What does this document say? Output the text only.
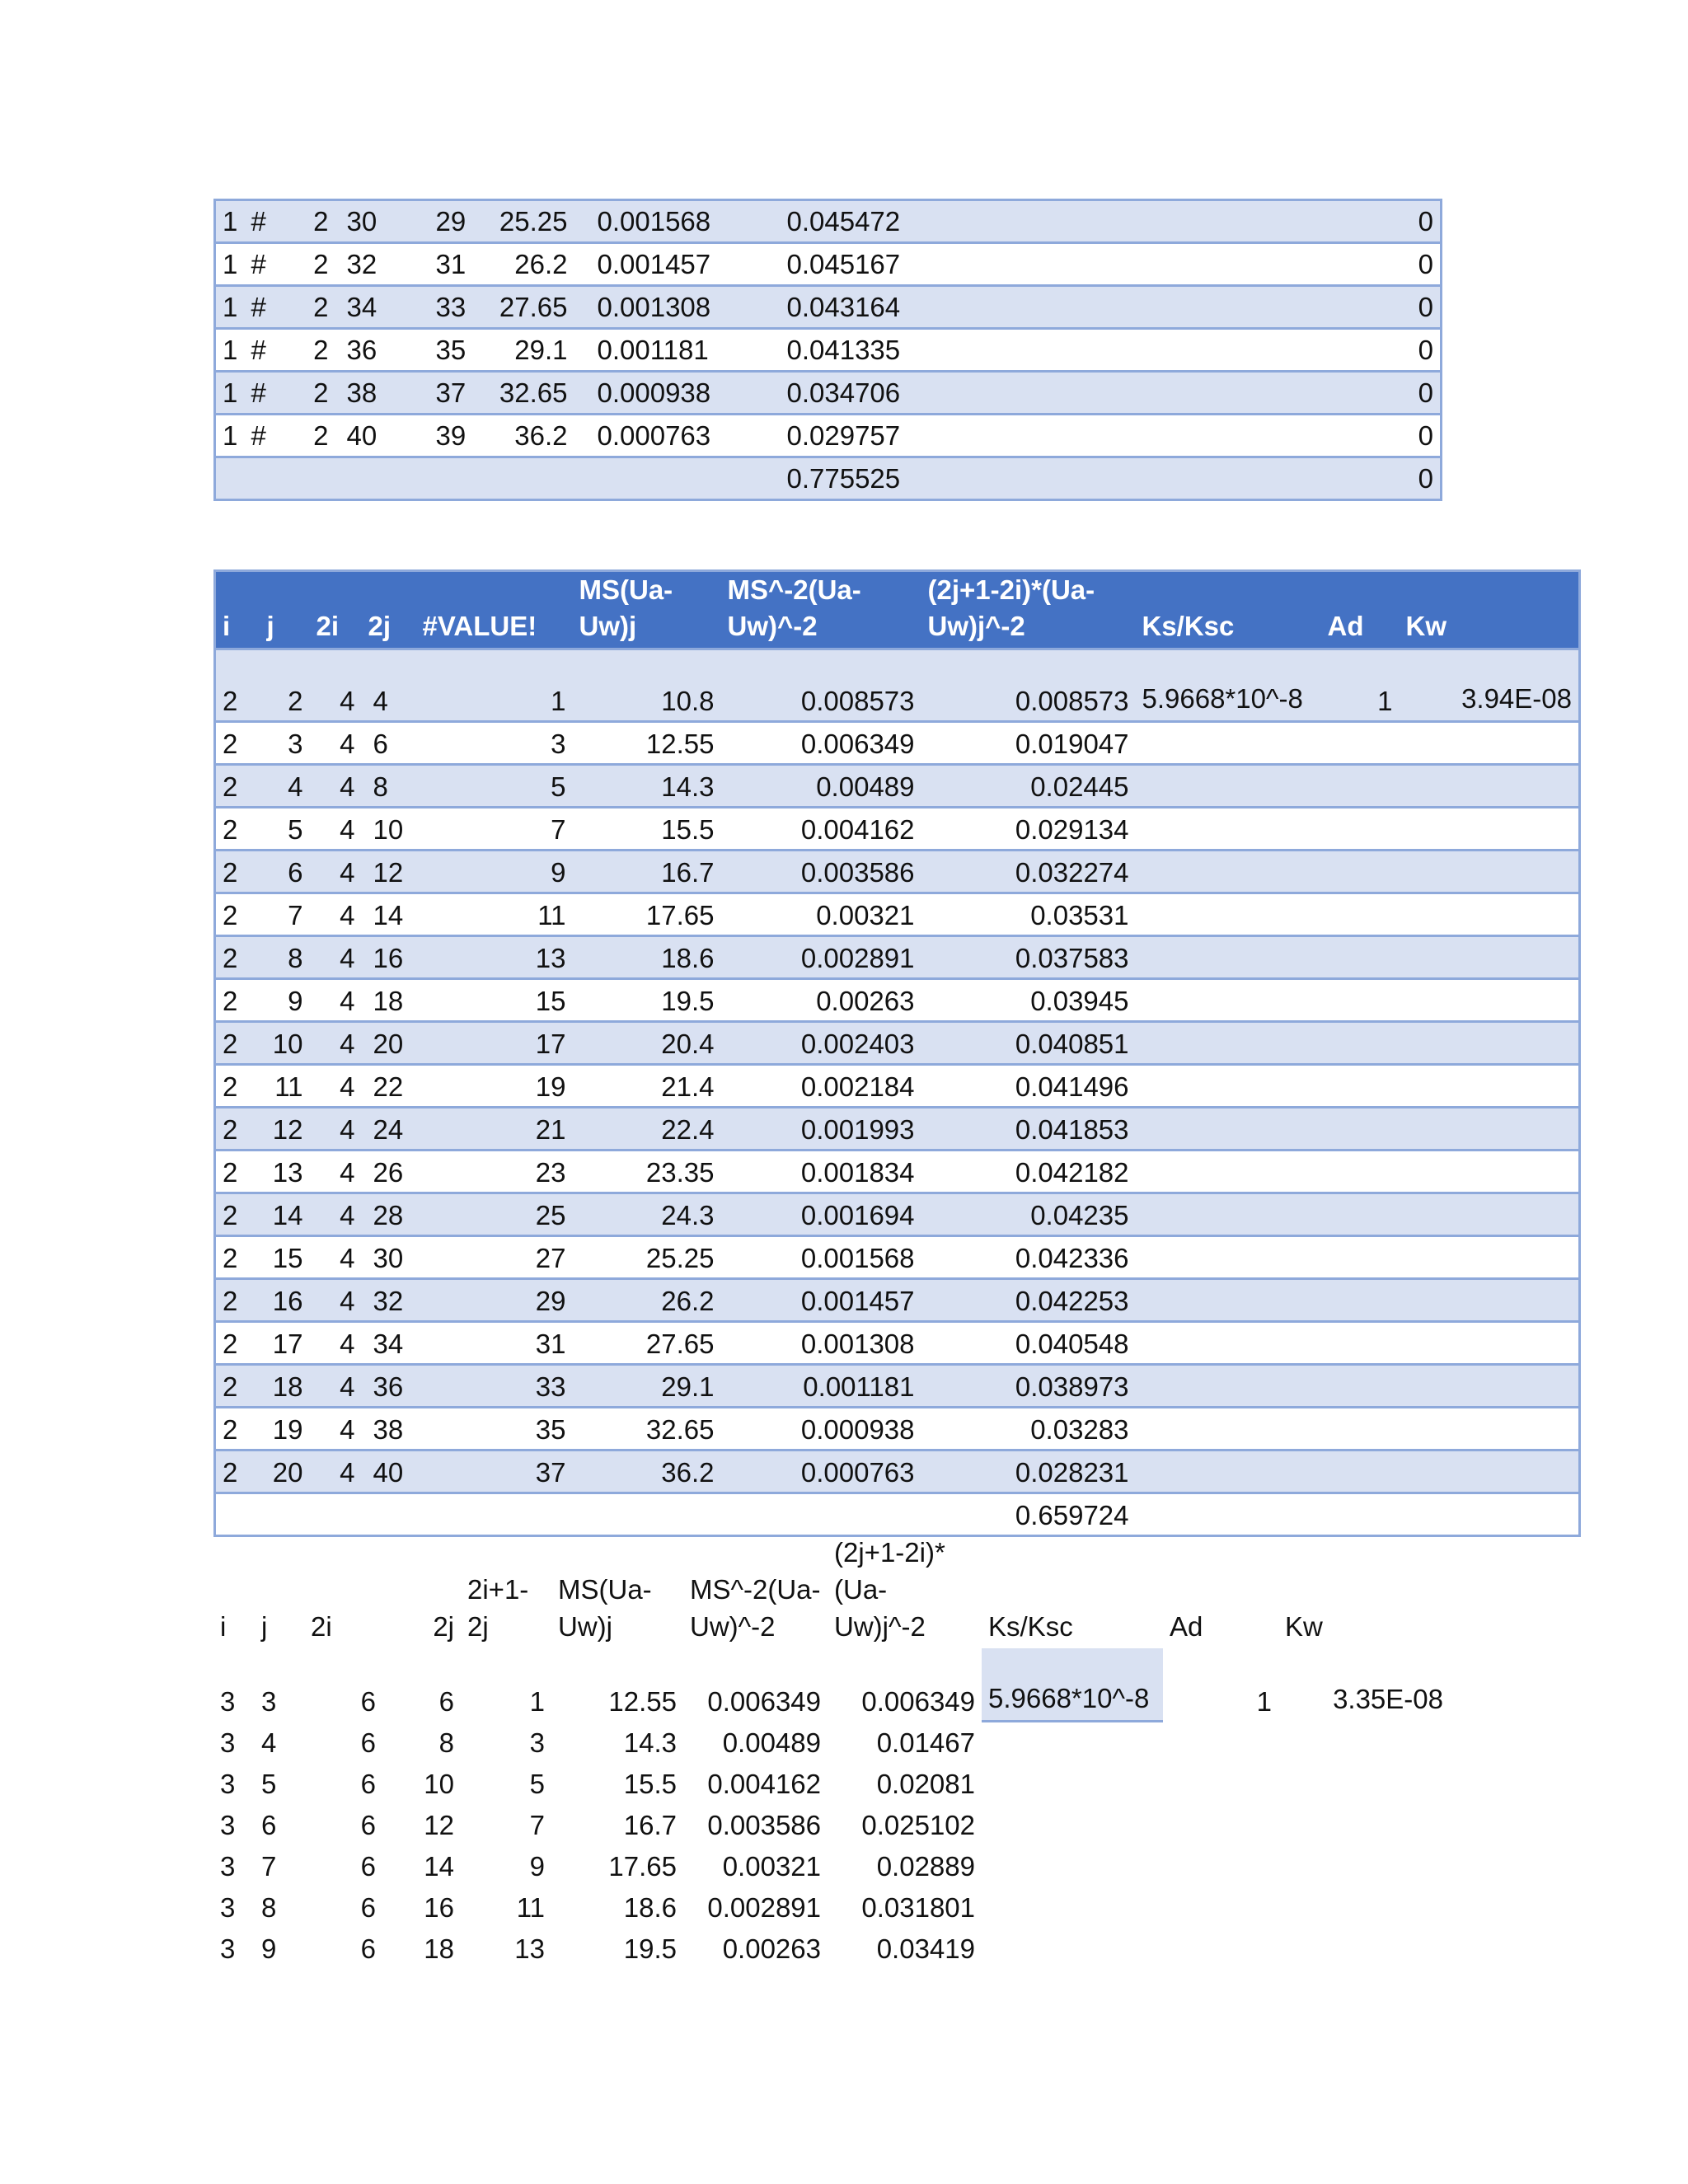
1	#	2	30	29	25.25	0.001568	0.045472	0
1	#	2	32	31	26.2	0.001457	0.045167	0
1	#	2	34	33	27.65	0.001308	0.043164	0
1	#	2	36	35	29.1	0.001181	0.041335	0
1	#	2	38	37	32.65	0.000938	0.034706	0
1	#	2	40	39	36.2	0.000763	0.029757	0
							0.775525	0
i	j	2i	2j	#VALUE!	MS(Ua-Uw)j	MS^-2(Ua-Uw)^-2	(2j+1-2i)*(Ua-Uw)j^-2	Ks/Ksc	Ad	Kw
2	2	4	4	1	10.8	0.008573	0.008573	5.9668*10^-8	1	3.94E-08
2	3	4	6	3	12.55	0.006349	0.019047			
2	4	4	8	5	14.3	0.00489	0.02445			
2	5	4	10	7	15.5	0.004162	0.029134			
2	6	4	12	9	16.7	0.003586	0.032274			
2	7	4	14	11	17.65	0.00321	0.03531			
2	8	4	16	13	18.6	0.002891	0.037583			
2	9	4	18	15	19.5	0.00263	0.03945			
2	10	4	20	17	20.4	0.002403	0.040851			
2	11	4	22	19	21.4	0.002184	0.041496			
2	12	4	24	21	22.4	0.001993	0.041853			
2	13	4	26	23	23.35	0.001834	0.042182			
2	14	4	28	25	24.3	0.001694	0.04235			
2	15	4	30	27	25.25	0.001568	0.042336			
2	16	4	32	29	26.2	0.001457	0.042253			
2	17	4	34	31	27.65	0.001308	0.040548			
2	18	4	36	33	29.1	0.001181	0.038973			
2	19	4	38	35	32.65	0.000938	0.03283			
2	20	4	40	37	36.2	0.000763	0.028231			
							0.659724			
i	j	2i	2j	2i+1-2j	MS(Ua-Uw)j	MS^-2(Ua-Uw)^-2	(2j+1-2i)*(Ua-Uw)j^-2	Ks/Ksc	Ad	Kw
3	3	6	6	1	12.55	0.006349	0.006349	5.9668*10^-8	1	3.35E-08
3	4	6	8	3	14.3	0.00489	0.01467			
3	5	6	10	5	15.5	0.004162	0.02081			
3	6	6	12	7	16.7	0.003586	0.025102			
3	7	6	14	9	17.65	0.00321	0.02889			
3	8	6	16	11	18.6	0.002891	0.031801			
3	9	6	18	13	19.5	0.00263	0.03419			
